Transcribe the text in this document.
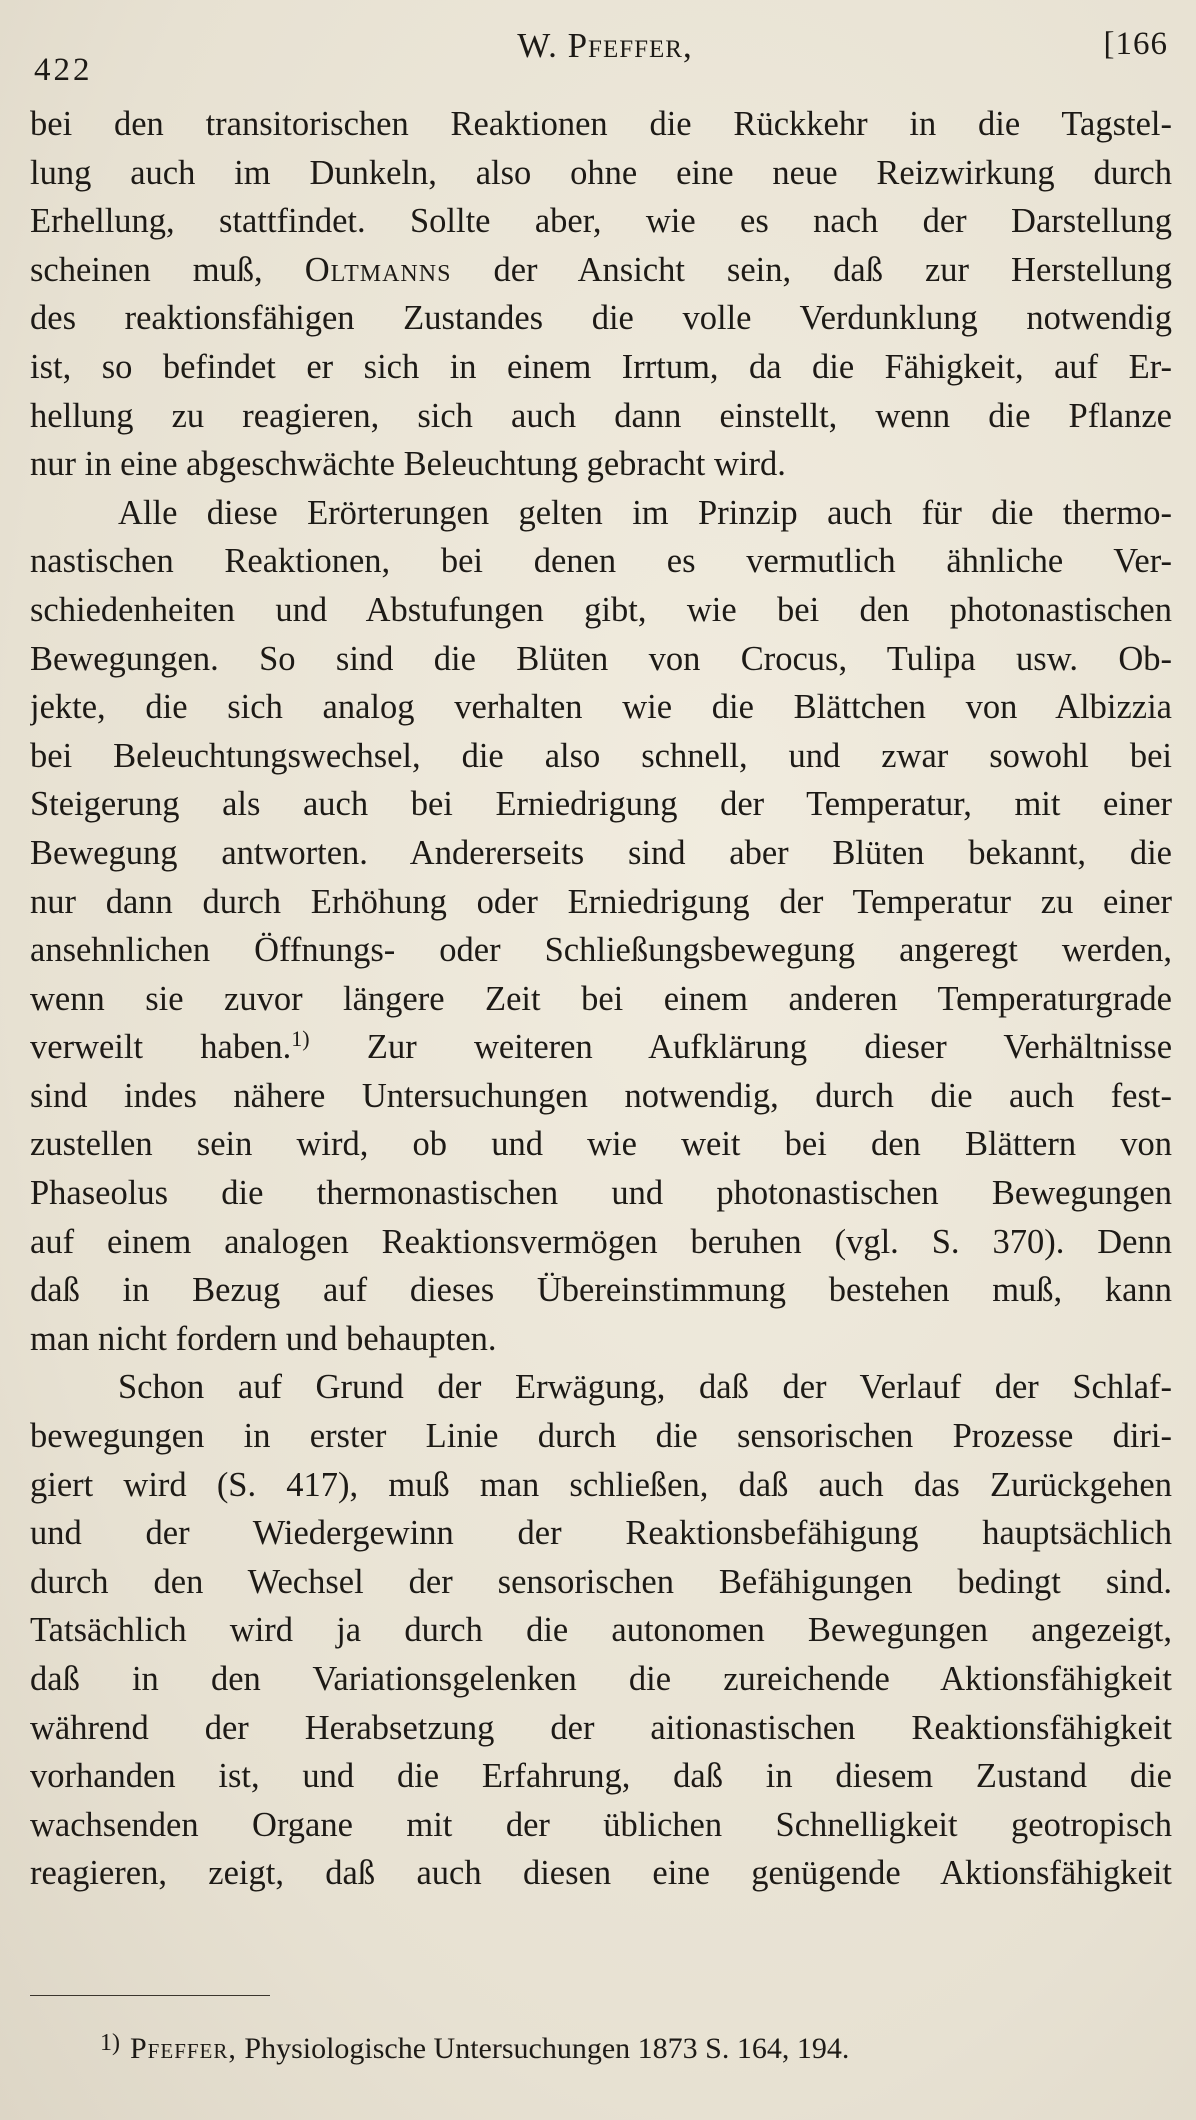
422
W. Pfeffer,	[166
bei den transitorischen Reaktionen die Rückkehr in die Tagstel-
lung auch im Dunkeln, also ohne eine neue Reizwirkung durch
Erhellung, stattfindet. Sollte aber, wie es nach der Darstellung
scheinen muß, Oltmanns der Ansicht sein, daß zur Herstellung
des reaktionsfähigen Zustandes die volle Verdunklung notwendig
ist, so befindet er sich in einem Irrtum, da die Fähigkeit, auf Er-
hellung zu reagieren, sich auch dann einstellt, wenn die Pflanze
nur in eine abgeschwächte Beleuchtung gebracht wird.
Alle diese Erörterungen gelten im Prinzip auch für die thermo-
nastischen Reaktionen, bei denen es vermutlich ähnliche Ver-
schiedenheiten und Abstufungen gibt, wie bei den photonastischen
Bewegungen. So sind die Blüten von Crocus, Tulipa usw. Ob-
jekte, die sich analog verhalten wie die Blättchen von Albizzia
bei Beleuchtungswechsel, die also schnell, und zwar sowohl bei
Steigerung als auch bei Erniedrigung der Temperatur, mit einer
Bewegung antworten. Andererseits sind aber Blüten bekannt, die
nur dann durch Erhöhung oder Erniedrigung der Temperatur zu einer
ansehnlichen Öffnungs- oder Schließungsbewegung angeregt werden,
wenn sie zuvor längere Zeit bei einem anderen Temperaturgrade
verweilt haben.$^{1)}$ Zur weiteren Aufklärung dieser Verhältnisse
sind indes nähere Untersuchungen notwendig, durch die auch fest-
zustellen sein wird, ob und wie weit bei den Blättern von
Phaseolus die thermonastischen und photonastischen Bewegungen
auf einem analogen Reaktionsvermögen beruhen (vgl. S. 370). Denn
daß in Bezug auf dieses Übereinstimmung bestehen muß, kann
man nicht fordern und behaupten.
Schon auf Grund der Erwägung, daß der Verlauf der Schlaf-
bewegungen in erster Linie durch die sensorischen Prozesse diri-
giert wird (S. 417), muß man schließen, daß auch das Zurückgehen
und der Wiedergewinn der Reaktionsbefähigung hauptsächlich
durch den Wechsel der sensorischen Befähigungen bedingt sind.
Tatsächlich wird ja durch die autonomen Bewegungen angezeigt,
daß in den Variationsgelenken die zureichende Aktionsfähigkeit
während der Herabsetzung der aitionastischen Reaktionsfähigkeit
vorhanden ist, und die Erfahrung, daß in diesem Zustand die
wachsenden Organe mit der üblichen Schnelligkeit geotropisch
reagieren, zeigt, daß auch diesen eine genügende Aktionsfähigkeit
$^{1)}$ Pfeffer, Physiologische Untersuchungen 1873 S. 164, 194.
